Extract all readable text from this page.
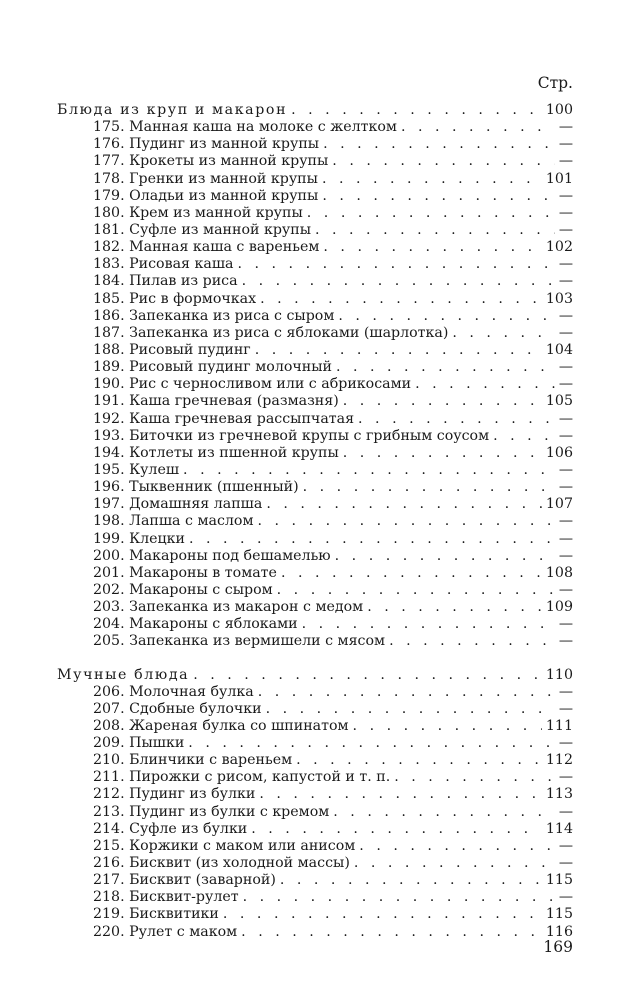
Стр.
Блюда из круп и макарон . . .	100
175. Манная каша на молоке с желтком . . .	—
176. Пудинг из манной крупы . . .	—
177. Крокеты из манной крупы . . .	—
178. Гренки из манной крупы . . .	101
179. Оладьи из манной крупы . . .	—
180. Крем из манной крупы . . .	—
181. Суфле из манной крупы . . .	—
182. Манная каша с вареньем . . .	102
183. Рисовая каша . . .	—
184. Пилав из риса . . .	—
185. Рис в формочках . . .	103
186. Запеканка из риса с сыром . . .	—
187. Запеканка из риса с яблоками (шарлотка) . . .	—
188. Рисовый пудинг . . .	104
189. Рисовый пудинг молочный . . .	—
190. Рис с черносливом или с абрикосами . . .	—
191. Каша гречневая (размазня) . . .	105
192. Каша гречневая рассыпчатая . . .	—
193. Биточки из гречневой крупы с грибным соусом . . .	—
194. Котлеты из пшенной крупы . . .	106
195. Кулеш . . .	—
196. Тыквенник (пшенный) . . .	—
197. Домашняя лапша . . .	107
198. Лапша с маслом . . .	—
199. Клецки . . .	—
200. Макароны под бешамелью . . .	—
201. Макароны в томате . . .	108
202. Макароны с сыром . . .	—
203. Запеканка из макарон с медом . . .	109
204. Макароны с яблоками . . .	—
205. Запеканка из вермишели с мясом . . .	—
Мучные блюда . . .	110
206. Молочная булка . . .	—
207. Сдобные булочки . . .	—
208. Жареная булка со шпинатом . . .	111
209. Пышки . . .	—
210. Блинчики с вареньем . . .	112
211. Пирожки с рисом, капустой и т. п. . . .	—
212. Пудинг из булки . . .	113
213. Пудинг из булки с кремом . . .	—
214. Суфле из булки . . .	114
215. Коржики с маком или анисом . . .	—
216. Бисквит (из холодной массы) . . .	—
217. Бисквит (заварной) . . .	115
218. Бисквит-рулет . . .	—
219. Бисквитики . . .	115
220. Рулет с маком . . .	116
169
